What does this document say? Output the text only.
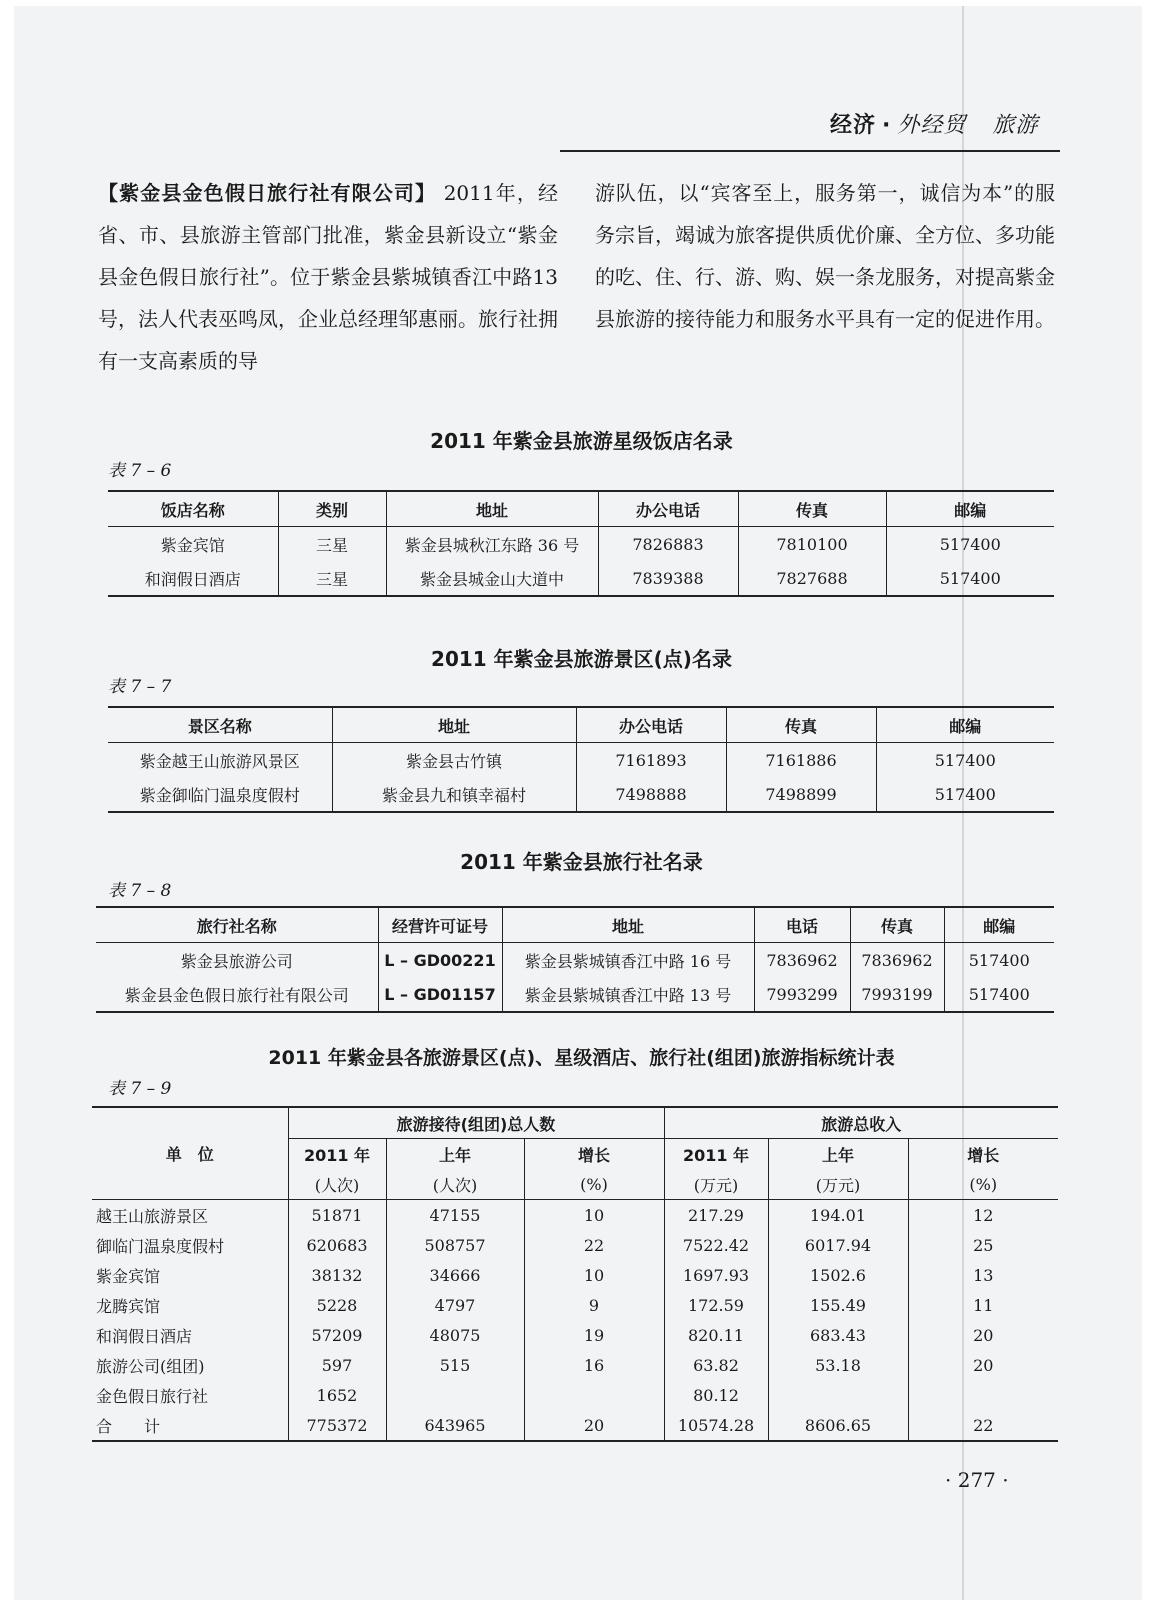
经济 · 外经贸 旅游
【紫金县金色假日旅行社有限公司】 2011年，经省、市、县旅游主管部门批准，紫金县新设立“紫金县金色假日旅行社”。位于紫金县紫城镇香江中路13号，法人代表巫鸣凤，企业总经理邹惠丽。旅行社拥有一支高素质的导
游队伍，以“宾客至上，服务第一，诚信为本”的服务宗旨，竭诚为旅客提供质优价廉、全方位、多功能的吃、住、行、游、购、娱一条龙服务，对提高紫金县旅游的接待能力和服务水平具有一定的促进作用。
2011 年紫金县旅游星级饭店名录
表 7 – 6
饭店名称	类别	地址	办公电话	传真	邮编
紫金宾馆	三星	紫金县城秋江东路 36 号	7826883	7810100	517400
和润假日酒店	三星	紫金县城金山大道中	7839388	7827688	517400
2011 年紫金县旅游景区(点)名录
表 7 – 7
景区名称	地址	办公电话	传真	邮编
紫金越王山旅游风景区	紫金县古竹镇	7161893	7161886	517400
紫金御临门温泉度假村	紫金县九和镇幸福村	7498888	7498899	517400
2011 年紫金县旅行社名录
表 7 – 8
旅行社名称	经营许可证号	地址	电话	传真	邮编
紫金县旅游公司	L – GD00221	紫金县紫城镇香江中路 16 号	7836962	7836962	517400
紫金县金色假日旅行社有限公司	L – GD01157	紫金县紫城镇香江中路 13 号	7993299	7993199	517400
2011 年紫金县各旅游景区(点)、星级酒店、旅行社(组团)旅游指标统计表
表 7 – 9
单　位	旅游接待(组团)总人数			旅游总收入		
	2011 年	上年	增长	2011 年	上年	增长
	(人次)	(人次)	(%)	(万元)	(万元)	(%)
越王山旅游景区	51871	47155	10	217.29	194.01	12
御临门温泉度假村	620683	508757	22	7522.42	6017.94	25
紫金宾馆	38132	34666	10	1697.93	1502.6	13
龙腾宾馆	5228	4797	9	172.59	155.49	11
和润假日酒店	57209	48075	19	820.11	683.43	20
旅游公司(组团)	597	515	16	63.82	53.18	20
金色假日旅行社	1652			80.12		
合　　计	775372	643965	20	10574.28	8606.65	22
· 277 ·
